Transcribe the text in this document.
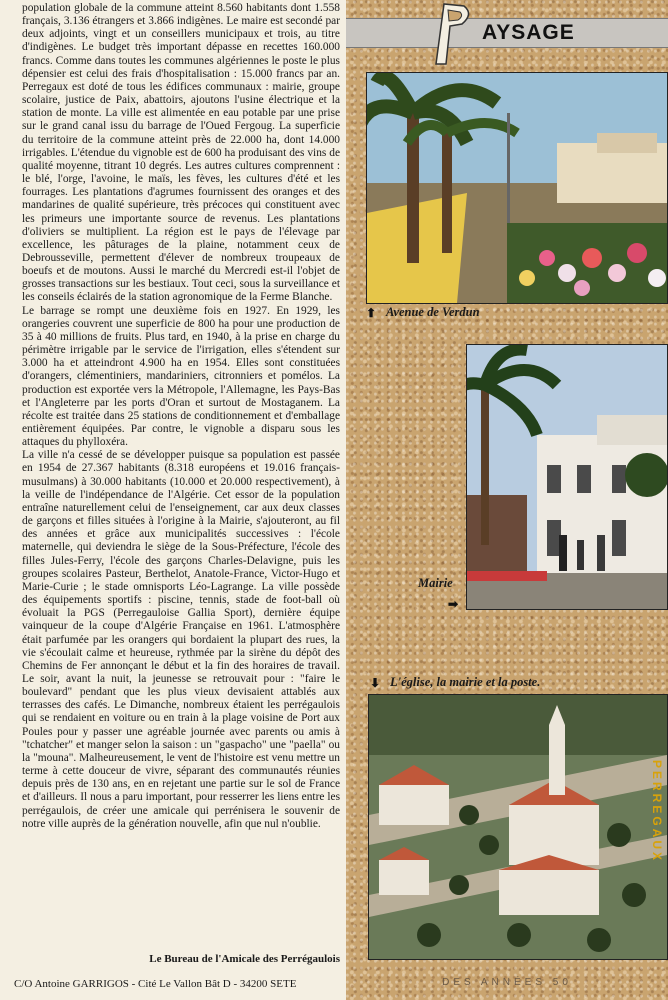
population globale de la commune atteint 8.560 habitants dont 1.558 français, 3.136 étrangers et 3.866 indigènes. Le maire est secondé par deux adjoints, vingt et un conseillers municipaux et trois, au titre d'indigènes. Le budget très important dépasse en recettes 160.000 francs. Comme dans toutes les communes algériennes le poste le plus dépensier est celui des frais d'hospitalisation : 15.000 francs par an. Perregaux est doté de tous les édifices communaux : mairie, groupe scolaire, justice de Paix, abattoirs, ajoutons l'usine électrique et la station de monte. La ville est alimentée en eau potable par une prise sur le grand canal issu du barrage de l'Oued Fergoug. La superficie du territoire de la commune atteint près de 22.000 ha, dont 14.000 irrigables. L'étendue du vignoble est de 600 ha produisant des vins de qualité moyenne, titrant 10 degrés. Les autres cultures comprennent : le blé, l'orge, l'avoine, le maïs, les fèves, les cultures d'été et les fourrages. Les plantations d'agrumes fournissent des oranges et des mandarines de qualité supérieure, très précoces qui constituent avec les primeurs une importante source de revenus. Les plantations d'oliviers se multiplient. La région est le pays de l'élevage par excellence, les pâturages de la plaine, notamment ceux de Debrousseville, permettent d'élever de nombreux troupeaux de boeufs et de moutons. Aussi le marché du Mercredi est-il l'objet de grosses transactions sur les bestiaux. Tout ceci, sous la surveillance et les conseils éclairés de la station agronomique de la Ferme Blanche.

Le barrage se rompt une deuxième fois en 1927. En 1929, les orangeries couvrent une superficie de 800 ha pour une production de 35 à 40 millions de fruits. Plus tard, en 1940, à la prise en charge du périmètre irrigable par le service de l'irrigation, elles s'étendent sur 3.000 ha et atteindront 4.900 ha en 1954. Elles sont constituées d'orangers, clémentiniers, mandariniers, citronniers et pomélos. La production est exportée vers la Métropole, l'Allemagne, les Pays-Bas et l'Angleterre par les ports d'Oran et surtout de Mostaganem. La récolte est traitée dans 25 stations de conditionnement et d'emballage entièrement équipées. Par contre, le vignoble a disparu sous les attaques du phylloxéra.

La ville n'a cessé de se développer puisque sa population est passée en 1954 de 27.367 habitants (8.318 européens et 19.016 français-musulmans) à 30.000 habitants (10.000 et 20.000 respectivement), à la veille de l'indépendance de l'Algérie. Cet essor de la population entraîne naturellement celui de l'enseignement, car aux deux classes de garçons et filles situées à l'origine à la Mairie, s'ajouteront, au fil des années et grâce aux municipalités successives : l'école maternelle, qui deviendra le siège de la Sous-Préfecture, l'école des filles Jules-Ferry, l'école des garçons Charles-Delavigne, puis les groupes scolaires Pasteur, Berthelot, Anatole-France, Victor-Hugo et Marie-Curie ; le stade omnisports Léo-Lagrange. La ville possède des équipements sportifs : piscine, tennis, stade de foot-ball où évoluait la PGS (Perregauloise Gallia Sport), dernière équipe vainqueur de la coupe d'Algérie Française en 1961. L'atmosphère était parfumée par les orangers qui bordaient la plupart des rues, la vie s'écoulait calme et heureuse, rythmée par la sirène du dépôt des Chemins de Fer annonçant le début et la fin des horaires de travail. Le soir, avant la nuit, la jeunesse se retrouvait pour : "faire le boulevard" pendant que les plus vieux devisaient attablés aux terrasses des cafés. Le Dimanche, nombreux étaient les perrégaulois qui se rendaient en voiture ou en train à la plage voisine de Port aux Poules pour y passer une agréable journée avec parents ou amis à "tchatcher" et manger selon la saison : un "gaspacho" une "paella" ou la "mouna". Malheureusement, le vent de l'histoire est venu mettre un terme à cette douceur de vivre, séparant des communautés réunies depuis près de 130 ans, en en rejetant une partie sur le sol de France et d'ailleurs. Il nous a paru important, pour resserrer les liens entre les perrégaulois, de créer une amicale qui perrénisera le souvenir de notre ville auprès de la génération nouvelle, afin que nul n'oublie.

Le Bureau de l'Amicale des Perrégaulois
C/O Antoine GARRIGOS - Cité Le Vallon Bât D - 34200 SETE
AYSAGE
⬆ Avenue de Verdun
Mairie
➡
⬇ L'église, la mairie et la poste.
PERREGAUX
DES ANNÉES 50
